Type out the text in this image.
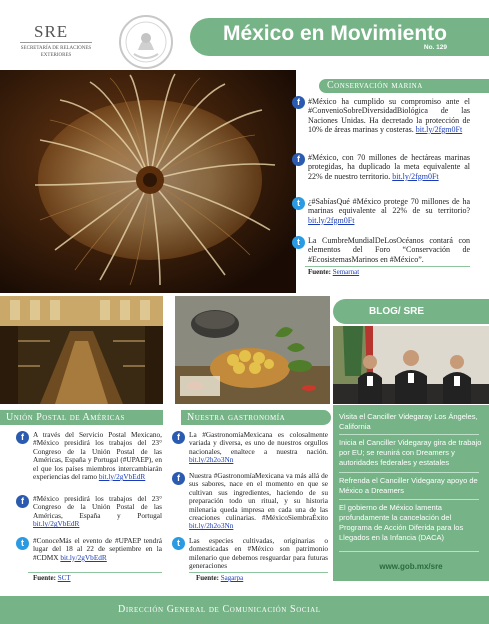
SRE
SECRETARÍA DE RELACIONES EXTERIORES
México en Movimiento
No. 129
Conservación marina
f	#México ha cumplido su compromiso ante el #ConvenioSobreDiversidadBiológica de las Naciones Unidas. Ha decretado la protección de 10% de áreas marinas y costeras. bit.ly/2fgm0Ft
f	#México, con 70 millones de hectáreas marinas protegidas, ha duplicado la meta equivalente al 22% de nuestro territorio. bit.ly/2fgm0Ft
t	¿#SabíasQué #México protege 70 millones de ha marinas equivalente al 22% de su territorio? bit.ly/2fgm0Ft
t	La CumbreMundialDeLosOcéanos contará con elementos del Foro “Conservación de #EcosistemasMarinos en #México”.
Fuente: Semarnat
BLOG/ SRE
Visita el Canciller Videgaray Los Ángeles, California
Inicia el Canciller Videgaray gira de trabajo por EU; se reunirá con Dreamers y autoridades federales y estatales
Refrenda el Canciller Videgaray apoyo de México a Dreamers
El gobierno de México lamenta profundamente la cancelación del Programa de Acción Diferida para los Llegados en la Infancia (DACA)
www.gob.mx/sre
Unión Postal de Américas
f	A través del Servicio Postal Mexicano, #México presidirá los trabajos del 23° Congreso de la Unión Postal de las Américas, España y Portugal (#UPAEP), en el que los países miembros intercambiarán experiencias del ramo bit.ly/2gVbEdR
f	#México presidirá los trabajos del 23° Congreso de la Unión Postal de las Américas, España y Portugal bit.ly/2gVbEdR
t	#ConoceMás el evento de #UPAEP tendrá lugar del 18 al 22 de septiembre en la #CDMX bit.ly/2gVbEdR
Fuente: SCT
Nuestra gastronomía
f	La #GastronomíaMexicana es colosalmente variada y diversa, es uno de nuestros orgullos nacionales, enaltece a nuestra nación. bit.ly/2h2o3Nn
f	Nuestra #GastronomíaMexicana va más allá de sus sabores, nace en el momento en que se cultivan sus ingredientes, haciendo de su preparación todo un ritual, y su historia milenaria queda impresa en cada una de las creaciones culinarias. #MéxicoSiembraÉxito bit.ly/2h2o3Nn
t	Las especies cultivadas, originarias o domesticadas en #México son patrimonio milenario que debemos resguardar para futuras generaciones
Fuente: Sagarpa
Dirección General de Comunicación Social
